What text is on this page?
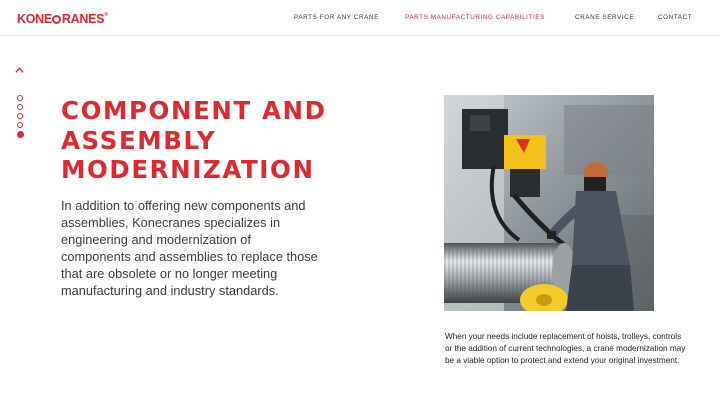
KONE RANES®	PARTS FOR ANY CRANE	PARTS MANUFACTURING CAPABILITIES	CRANE SERVICE	CONTACT
COMPONENT AND ASSEMBLY MODERNIZATION

In addition to offering new components and assemblies, Konecranes specializes in engineering and modernization of components and assemblies to replace those that are obsolete or no longer meeting manufacturing and industry standards.

When your needs include replacement of hoists, trolleys, controls or the addition of current technologies, a crane modernization may be a viable option to protect and extend your original investment.
